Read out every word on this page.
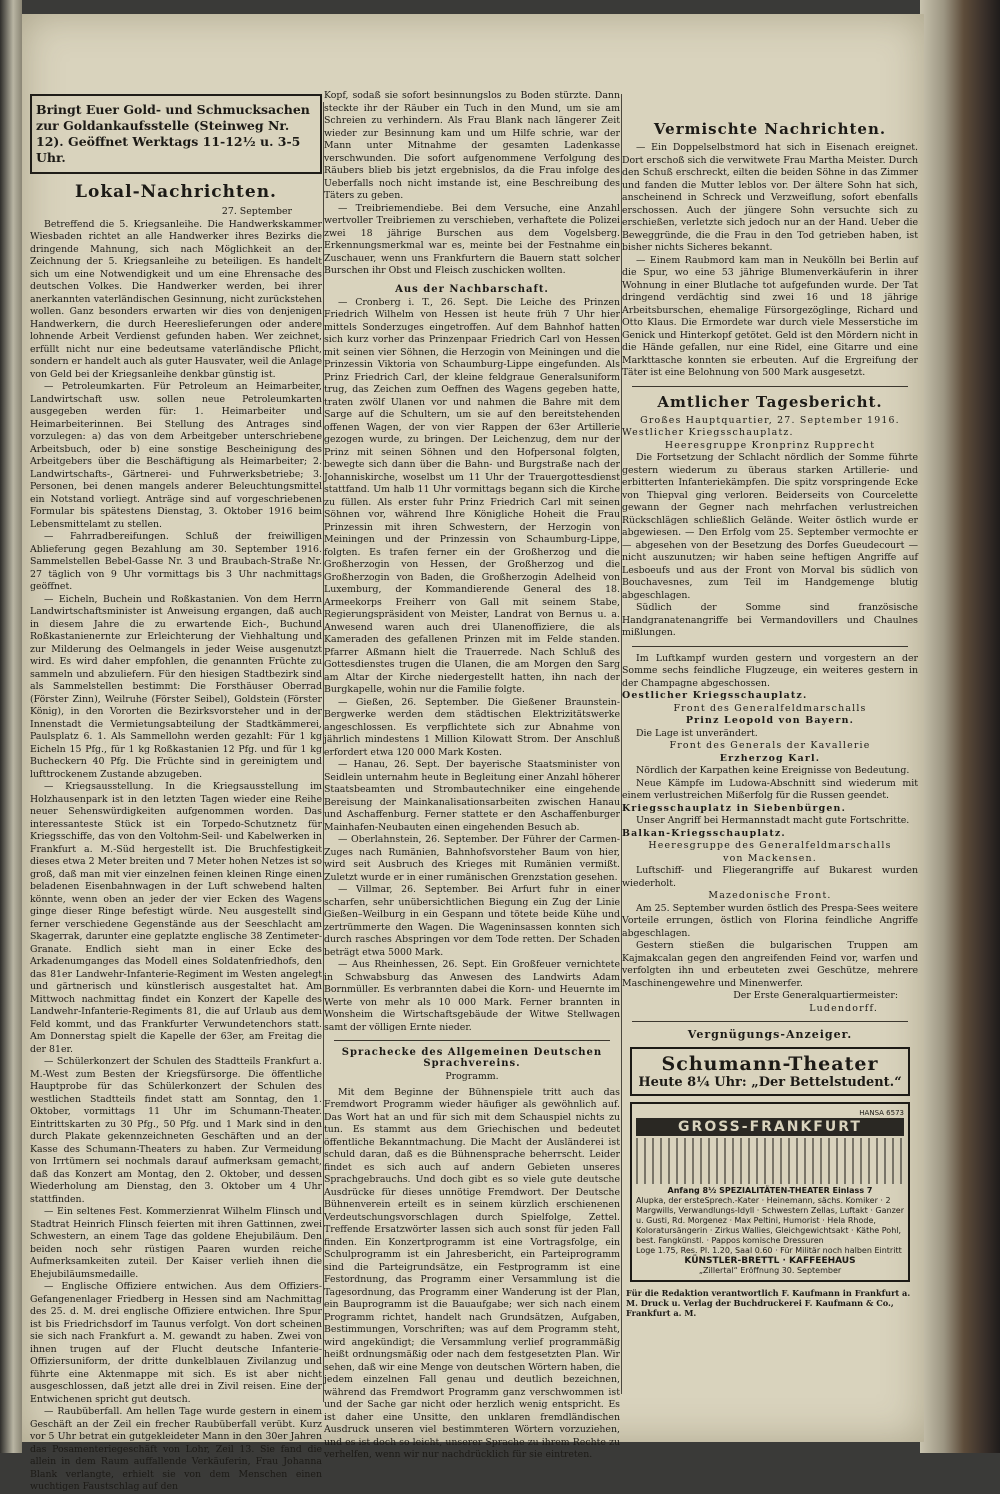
Bringt Euer Gold- und Schmucksachen zur Goldankaufsstelle (Steinweg Nr. 12). Geöffnet Werktags 11-12½ u. 3-5 Uhr.
Lokal-Nachrichten.

27. September

Betreffend die 5. Kriegsanleihe. Die Handwerkskammer Wiesbaden richtet an alle Handwerker ihres Bezirks die dringende Mahnung, sich nach Möglichkeit an der Zeichnung der 5. Kriegsanleihe zu beteiligen. Es handelt sich um eine Notwendigkeit und um eine Ehrensache des deutschen Volkes. Die Handwerker werden, bei ihrer anerkannten vaterländischen Gesinnung, nicht zurückstehen wollen. Ganz besonders erwarten wir dies von denjenigen Handwerkern, die durch Heereslieferungen oder andere lohnende Arbeit Verdienst gefunden haben. Wer zeichnet, erfüllt nicht nur eine bedeutsame vaterländische Pflicht, sondern er handelt auch als guter Hausvater, weil die Anlage von Geld bei der Kriegsanleihe denkbar günstig ist.

— Petroleumkarten. Für Petroleum an Heimarbeiter, Landwirtschaft usw. sollen neue Petroleumkarten ausgegeben werden für: 1. Heimarbeiter und Heimarbeiterinnen. Bei Stellung des Antrages sind vorzulegen: a) das von dem Arbeitgeber unterschriebene Arbeitsbuch, oder b) eine sonstige Bescheinigung des Arbeitgebers über die Beschäftigung als Heimarbeiter; 2. Landwirtschafts-, Gärtnerei- und Fuhrwerksbetriebe; 3. Personen, bei denen mangels anderer Beleuchtungsmittel ein Notstand vorliegt. Anträge sind auf vorgeschriebenen Formular bis spätestens Dienstag, 3. Oktober 1916 beim Lebensmittelamt zu stellen.

— Fahrradbereifungen. Schluß der freiwilligen Ablieferung gegen Bezahlung am 30. September 1916. Sammelstellen Bebel-Gasse Nr. 3 und Braubach-Straße Nr. 27 täglich von 9 Uhr vormittags bis 3 Uhr nachmittags geöffnet.

— Eicheln, Buchein und Roßkastanien. Von dem Herrn Landwirtschaftsminister ist Anweisung ergangen, daß auch in diesem Jahre die zu erwartende Eich-, Buchund Roßkastanienernte zur Erleichterung der Viehhaltung und zur Milderung des Oelmangels in jeder Weise ausgenutzt wird. Es wird daher empfohlen, die genannten Früchte zu sammeln und abzuliefern. Für den hiesigen Stadtbezirk sind als Sammelstellen bestimmt: Die Forsthäuser Oberrad (Förster Zinn), Weilruhe (Förster Seibel), Goldstein (Förster König), in den Vororten die Bezirksvorsteher und in der Innenstadt die Vermietungsabteilung der Stadtkämmerei, Paulsplatz 6. 1. Als Sammellohn werden gezahlt: Für 1 kg Eicheln 15 Pfg., für 1 kg Roßkastanien 12 Pfg. und für 1 kg Bucheckern 40 Pfg. Die Früchte sind in gereinigtem und lufttrockenem Zustande abzugeben.

— Kriegsausstellung. In die Kriegsausstellung im Holzhausenpark ist in den letzten Tagen wieder eine Reihe neuer Sehenswürdigkeiten aufgenommen worden. Das interessanteste Stück ist ein Torpedo-Schutznetz für Kriegsschiffe, das von den Voltohm-Seil- und Kabelwerken in Frankfurt a. M.-Süd hergestellt ist. Die Bruchfestigkeit dieses etwa 2 Meter breiten und 7 Meter hohen Netzes ist so groß, daß man mit vier einzelnen feinen kleinen Ringe einen beladenen Eisenbahnwagen in der Luft schwebend halten könnte, wenn oben an jeder der vier Ecken des Wagens ginge dieser Ringe befestigt würde. Neu ausgestellt sind ferner verschiedene Gegenstände aus der Seeschlacht am Skagerrak, darunter eine geplatzte englische 38 Zentimeter-Granate. Endlich sieht man in einer Ecke des Arkadenumganges das Modell eines Soldatenfriedhofs, den das 81er Landwehr-Infanterie-Regiment im Westen angelegt und gärtnerisch und künstlerisch ausgestaltet hat. Am Mittwoch nachmittag findet ein Konzert der Kapelle des Landwehr-Infanterie-Regiments 81, die auf Urlaub aus dem Feld kommt, und das Frankfurter Verwundetenchors statt. Am Donnerstag spielt die Kapelle der 63er, am Freitag die der 81er.

— Schülerkonzert der Schulen des Stadtteils Frankfurt a. M.-West zum Besten der Kriegsfürsorge. Die öffentliche Hauptprobe für das Schülerkonzert der Schulen des westlichen Stadtteils findet statt am Sonntag, den 1. Oktober, vormittags 11 Uhr im Schumann-Theater. Eintrittskarten zu 30 Pfg., 50 Pfg. und 1 Mark sind in den durch Plakate gekennzeichneten Geschäften und an der Kasse des Schumann-Theaters zu haben. Zur Vermeidung von Irrtümern sei nochmals darauf aufmerksam gemacht, daß das Konzert am Montag, den 2. Oktober, und dessen Wiederholung am Dienstag, den 3. Oktober um 4 Uhr stattfinden.

— Ein seltenes Fest. Kommerzienrat Wilhelm Flinsch und Stadtrat Heinrich Flinsch feierten mit ihren Gattinnen, zwei Schwestern, an einem Tage das goldene Ehejubiläum. Den beiden noch sehr rüstigen Paaren wurden reiche Aufmerksamkeiten zuteil. Der Kaiser verlieh ihnen die Ehejubiläumsmedaille.

— Englische Offiziere entwichen. Aus dem Offiziers-Gefangenenlager Friedberg in Hessen sind am Nachmittag des 25. d. M. drei englische Offiziere entwichen. Ihre Spur ist bis Friedrichsdorf im Taunus verfolgt. Von dort scheinen sie sich nach Frankfurt a. M. gewandt zu haben. Zwei von ihnen trugen auf der Flucht deutsche Infanterie-Offiziersuniform, der dritte dunkelblauen Zivilanzug und führte eine Aktenmappe mit sich. Es ist aber nicht ausgeschlossen, daß jetzt alle drei in Zivil reisen. Eine der Entwichenen spricht gut deutsch.

— Raubüberfall. Am hellen Tage wurde gestern in einem Geschäft an der Zeil ein frecher Raubüberfall verübt. Kurz vor 5 Uhr betrat ein gutgekleideter Mann in den 30er Jahren das Posamenteriegeschäft von Lohr, Zeil 13. Sie fand die allein in dem Raum auffallende Verkäuferin, Frau Johanna Blank verlangte, erhielt sie von dem Menschen einen wuchtigen Faustschlag auf den

Kopf, sodaß sie sofort besinnungslos zu Boden stürzte. Dann steckte ihr der Räuber ein Tuch in den Mund, um sie am Schreien zu verhindern. Als Frau Blank nach längerer Zeit wieder zur Besinnung kam und um Hilfe schrie, war der Mann unter Mitnahme der gesamten Ladenkasse verschwunden. Die sofort aufgenommene Verfolgung des Räubers blieb bis jetzt ergebnislos, da die Frau infolge des Ueberfalls noch nicht imstande ist, eine Beschreibung des Täters zu geben.

— Treibriemendiebe. Bei dem Versuche, eine Anzahl wertvoller Treibriemen zu verschieben, verhaftete die Polizei zwei 18 jährige Burschen aus dem Vogelsberg. Erkennungsmerkmal war es, meinte bei der Festnahme ein Zuschauer, wenn uns Frankfurtern die Bauern statt solcher Burschen ihr Obst und Fleisch zuschicken wollten.

Aus der Nachbarschaft.

— Cronberg i. T., 26. Sept. Die Leiche des Prinzen Friedrich Wilhelm von Hessen ist heute früh 7 Uhr hier mittels Sonderzuges eingetroffen. Auf dem Bahnhof hatten sich kurz vorher das Prinzenpaar Friedrich Carl von Hessen mit seinen vier Söhnen, die Herzogin von Meiningen und die Prinzessin Viktoria von Schaumburg-Lippe eingefunden. Als Prinz Friedrich Carl, der kleine feldgraue Generalsuniform trug, das Zeichen zum Oeffnen des Wagens gegeben hatte, traten zwölf Ulanen vor und nahmen die Bahre mit dem Sarge auf die Schultern, um sie auf den bereitstehenden offenen Wagen, der von vier Rappen der 63er Artillerie gezogen wurde, zu bringen. Der Leichenzug, dem nur der Prinz mit seinen Söhnen und den Hofpersonal folgten, bewegte sich dann über die Bahn- und Burgstraße nach der Johanniskirche, woselbst um 11 Uhr der Trauergottesdienst stattfand. Um halb 11 Uhr vormittags begann sich die Kirche zu füllen. Als erster fuhr Prinz Friedrich Carl mit seinen Söhnen vor, während Ihre Königliche Hoheit die Frau Prinzessin mit ihren Schwestern, der Herzogin von Meiningen und der Prinzessin von Schaumburg-Lippe, folgten. Es trafen ferner ein der Großherzog und die Großherzogin von Hessen, der Großherzog und die Großherzogin von Baden, die Großherzogin Adelheid von Luxemburg, der Kommandierende General des 18. Armeekorps Freiherr von Gall mit seinem Stabe, Regierungspräsident von Meister, Landrat von Bernus u. a. Anwesend waren auch drei Ulanenoffiziere, die als Kameraden des gefallenen Prinzen mit im Felde standen. Pfarrer Aßmann hielt die Trauerrede. Nach Schluß des Gottesdienstes trugen die Ulanen, die am Morgen den Sarg am Altar der Kirche niedergestellt hatten, ihn nach der Burgkapelle, wohin nur die Familie folgte.

— Gießen, 26. September. Die Gießener Braunstein-Bergwerke werden dem städtischen Elektrizitätswerke angeschlossen. Es verpflichtete sich zur Abnahme von jährlich mindestens 1 Million Kilowatt Strom. Der Anschluß erfordert etwa 120 000 Mark Kosten.

— Hanau, 26. Sept. Der bayerische Staatsminister von Seidlein unternahm heute in Begleitung einer Anzahl höherer Staatsbeamten und Strombautechniker eine eingehende Bereisung der Mainkanalisationsarbeiten zwischen Hanau und Aschaffenburg. Ferner stattete er den Aschaffenburger Mainhafen-Neubauten einen eingehenden Besuch ab.

— Oberlahnstein, 26. September. Der Führer der Carmen-Zuges nach Rumänien, Bahnhofsvorsteher Baum von hier, wird seit Ausbruch des Krieges mit Rumänien vermißt. Zuletzt wurde er in einer rumänischen Grenzstation gesehen.

— Villmar, 26. September. Bei Arfurt fuhr in einer scharfen, sehr unübersichtlichen Biegung ein Zug der Linie Gießen–Weilburg in ein Gespann und tötete beide Kühe und zertrümmerte den Wagen. Die Wageninsassen konnten sich durch rasches Abspringen vor dem Tode retten. Der Schaden beträgt etwa 5000 Mark.

— Aus Rheinhessen, 26. Sept. Ein Großfeuer vernichtete in Schwabsburg das Anwesen des Landwirts Adam Bornmüller. Es verbrannten dabei die Korn- und Heuernte im Werte von mehr als 10 000 Mark. Ferner brannten in Wonsheim die Wirtschaftsgebäude der Witwe Stellwagen samt der völligen Ernte nieder.

Sprachecke des Allgemeinen Deutschen Sprachvereins.

Programm.

Mit dem Beginne der Bühnenspiele tritt auch das Fremdwort Programm wieder häufiger als gewöhnlich auf. Das Wort hat an und für sich mit dem Schauspiel nichts zu tun. Es stammt aus dem Griechischen und bedeutet öffentliche Bekanntmachung. Die Macht der Ausländerei ist schuld daran, daß es die Bühnensprache beherrscht. Leider findet es sich auch auf andern Gebieten unseres Sprachgebrauchs. Und doch gibt es so viele gute deutsche Ausdrücke für dieses unnötige Fremdwort. Der Deutsche Bühnenverein erteilt es in seinem kürzlich erschienenen Verdeutschungsvorschlagen durch Spielfolge, Zettel. Treffende Ersatzwörter lassen sich auch sonst für jeden Fall finden. Ein Konzertprogramm ist eine Vortragsfolge, ein Schulprogramm ist ein Jahresbericht, ein Parteiprogramm sind die Parteigrundsätze, ein Festprogramm ist eine Festordnung, das Programm einer Versammlung ist die Tagesordnung, das Programm einer Wanderung ist der Plan, ein Bauprogramm ist die Bauaufgabe; wer sich nach einem Programm richtet, handelt nach Grundsätzen, Aufgaben, Bestimmungen, Vorschriften; was auf dem Programm steht, wird angekündigt; die Versammlung verlief programmäßig heißt ordnungsmäßig oder nach dem festgesetzten Plan. Wir sehen, daß wir eine Menge von deutschen Wörtern haben, die jedem einzelnen Fall genau und deutlich bezeichnen, während das Fremdwort Programm ganz verschwommen ist und der Sache gar nicht oder herzlich wenig entspricht. Es ist daher eine Unsitte, den unklaren fremdländischen Ausdruck unseren viel bestimmteren Wörtern vorzuziehen, und es ist doch so leicht, unserer Sprache zu ihrem Rechte zu verhelfen, wenn wir nur nachdrücklich für sie eintreten.

Vermischte Nachrichten.

— Ein Doppelselbstmord hat sich in Eisenach ereignet. Dort erschoß sich die verwitwete Frau Martha Meister. Durch den Schuß erschreckt, eilten die beiden Söhne in das Zimmer und fanden die Mutter leblos vor. Der ältere Sohn hat sich, anscheinend in Schreck und Verzweiflung, sofort ebenfalls erschossen. Auch der jüngere Sohn versuchte sich zu erschießen, verletzte sich jedoch nur an der Hand. Ueber die Beweggründe, die die Frau in den Tod getrieben haben, ist bisher nichts Sicheres bekannt.

— Einem Raubmord kam man in Neukölln bei Berlin auf die Spur, wo eine 53 jährige Blumenverkäuferin in ihrer Wohnung in einer Blutlache tot aufgefunden wurde. Der Tat dringend verdächtig sind zwei 16 und 18 jährige Arbeitsburschen, ehemalige Fürsorgezöglinge, Richard und Otto Klaus. Die Ermordete war durch viele Messerstiche im Genick und Hinterkopf getötet. Geld ist den Mördern nicht in die Hände gefallen, nur eine Ridel, eine Gitarre und eine Markttasche konnten sie erbeuten. Auf die Ergreifung der Täter ist eine Belohnung von 500 Mark ausgesetzt.

Amtlicher Tagesbericht.

Großes Hauptquartier, 27. September 1916.

Westlicher Kriegsschauplatz.

Heeresgruppe Kronprinz Rupprecht

Die Fortsetzung der Schlacht nördlich der Somme führte gestern wiederum zu überaus starken Artillerie- und erbitterten Infanteriekämpfen. Die spitz vorspringende Ecke von Thiepval ging verloren. Beiderseits von Courcelette gewann der Gegner nach mehrfachen verlustreichen Rückschlägen schließlich Gelände. Weiter östlich wurde er abgewiesen. — Den Erfolg vom 25. September vermochte er — abgesehen von der Besetzung des Dorfes Gueudecourt — nicht auszunutzen; wir haben seine heftigen Angriffe auf Lesboeufs und aus der Front von Morval bis südlich von Bouchavesnes, zum Teil im Handgemenge blutig abgeschlagen.

Südlich der Somme sind französische Handgranatenangriffe bei Vermandovillers und Chaulnes mißlungen.

Im Luftkampf wurden gestern und vorgestern an der Somme sechs feindliche Flugzeuge, ein weiteres gestern in der Champagne abgeschossen.

Oestlicher Kriegsschauplatz.

Front des Generalfeldmarschalls

Prinz Leopold von Bayern.

Die Lage ist unverändert.

Front des Generals der Kavallerie

Erzherzog Karl.

Nördlich der Karpathen keine Ereignisse von Bedeutung.

Neue Kämpfe im Ludowa-Abschnitt sind wiederum mit einem verlustreichen Mißerfolg für die Russen geendet.

Kriegsschauplatz in Siebenbürgen.

Unser Angriff bei Hermannstadt macht gute Fortschritte.

Balkan-Kriegsschauplatz.

Heeresgruppe des Generalfeldmarschalls

von Mackensen.

Luftschiff- und Fliegerangriffe auf Bukarest wurden wiederholt.

Mazedonische Front.

Am 25. September wurden östlich des Prespa-Sees weitere Vorteile errungen, östlich von Florina feindliche Angriffe abgeschlagen.

Gestern stießen die bulgarischen Truppen am Kajmakcalan gegen den angreifenden Feind vor, warfen und verfolgten ihn und erbeuteten zwei Geschütze, mehrere Maschinengewehre und Minenwerfer.

Der Erste Generalquartiermeister:

Ludendorff.

Vergnügungs-Anzeiger.
Schumann-Theater
Heute 8¼ Uhr: „Der Bettelstudent.“
HANSA 6573
GROSS-FRANKFURT
Anfang 8½ SPEZIALITÄTEN-THEATER Einlass 7
Alupka, der ersteSprech.-Kater · Heinemann, sächs. Komiker · 2 Margwills, Verwandlungs-Idyll · Schwestern Zellas, Luftakt · Ganzer u. Gusti, Rd. Morgenez · Max Peltini, Humorist · Hela Rhode, Koloratursängerin · Zirkus Wallies, Gleichgewichtsakt · Käthe Pohl, best. Fangkünstl. · Pappos komische Dressuren
Loge 1.75, Res. Pl. 1.20, Saal 0.60 · Für Militär noch halben Eintritt
KÜNSTLER-BRETTL · KAFFEEHAUS
„Zillertal“ Eröffnung 30. September
Für die Redaktion verantwortlich F. Kaufmann in Frankfurt a. M. Druck u. Verlag der Buchdruckerei F. Kaufmann & Co., Frankfurt a. M.
